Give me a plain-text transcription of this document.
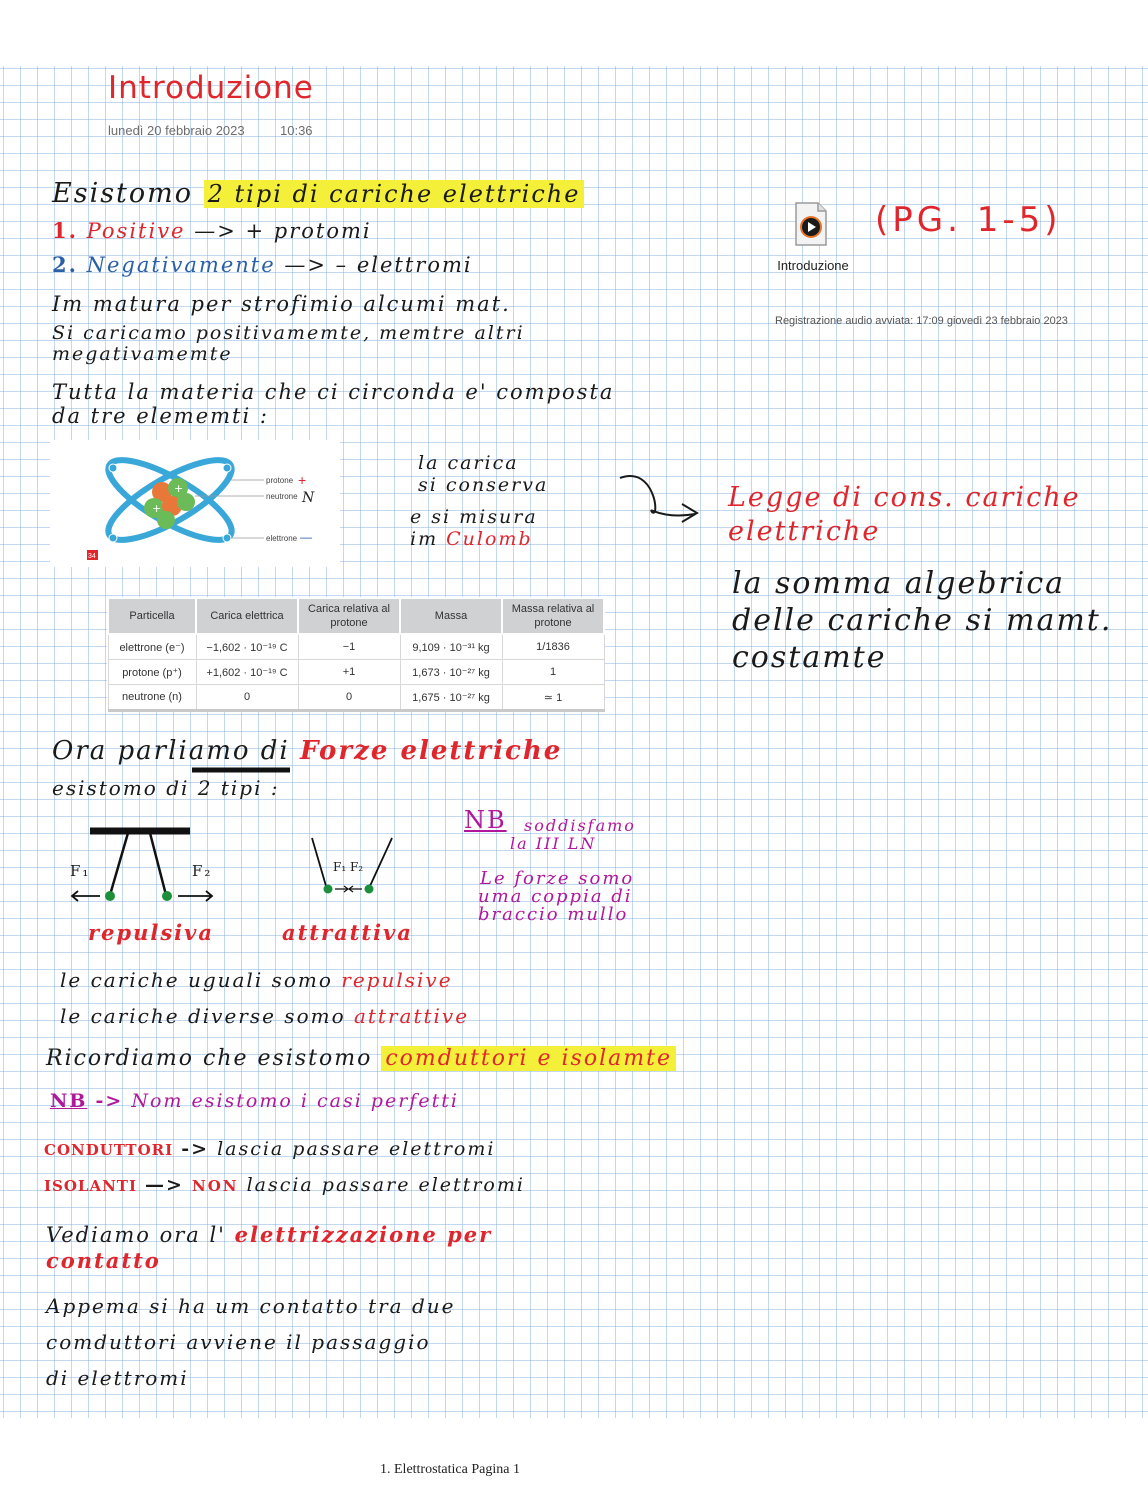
Introduzione
lunedì 20 febbraio 2023	10:36
Introduzione
Registrazione audio avviata: 17:09 giovedì 23 febbraio 2023
(PG. 1-5)
Esistomo 2 tipi di cariche elettriche
1. Positive —> + protomi
2. Negativamente —> – elettromi
Im matura per strofimio alcumi mat.
Si caricamo positivamemte, memtre altri
megativamemte
Tutta la materia che ci circonda e' composta
da tre elememti :
+
+
protone +
neutrone N
elettrone —
34
la carica
si conserva
e si misura
im Culomb
Legge di cons. cariche
elettriche
la somma algebrica
delle cariche si mamt.
costamte
Particella	Carica elettrica	Carica relativa al protone	Massa	Massa relativa al protone
elettrone (e⁻)	−1,602 · 10⁻¹⁹ C	−1	9,109 · 10⁻³¹ kg	1/1836
protone (p⁺)	+1,602 · 10⁻¹⁹ C	+1	1,673 · 10⁻²⁷ kg	1
neutrone (n)	0	0	1,675 · 10⁻²⁷ kg	≃ 1
Ora parliamo di Forze elettriche
esistomo di 2 tipi :
F₁	F₂	F₁ F₂
repulsiva	attrattiva
NB soddisfamo
la III LN
Le forze somo
uma coppia di
braccio mullo
le cariche uguali somo repulsive
le cariche diverse somo attrattive
Ricordiamo che esistomo comduttori e isolamte
NB -> Nom esistomo i casi perfetti
CONDUTTORI -> lascia passare elettromi
ISOLANTI —> NON lascia passare elettromi
Vediamo ora l' elettrizzazione per
contatto
Appema si ha um contatto tra due
comduttori avviene il passaggio
di elettromi
1. Elettrostatica Pagina 1
